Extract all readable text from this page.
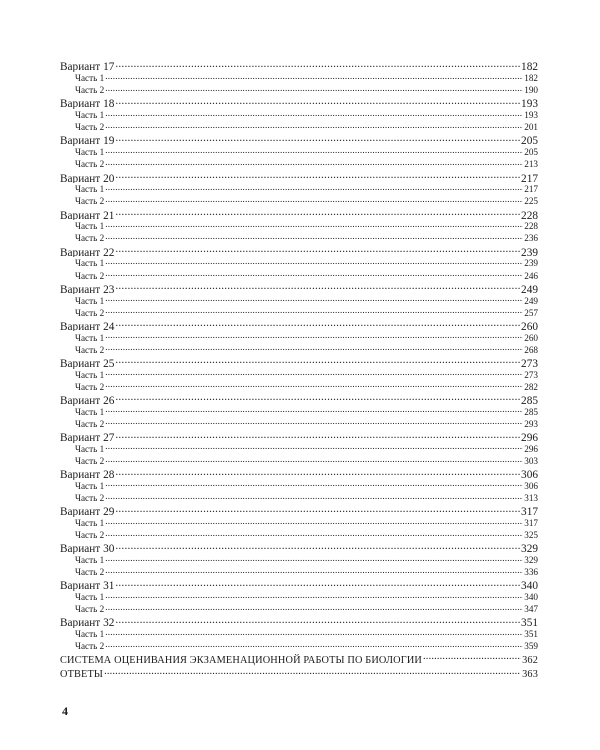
Вариант 17 .....	182
Часть 1 .....	182
Часть 2 .....	190
Вариант 18 .....	193
Часть 1 .....	193
Часть 2 .....	201
Вариант 19 .....	205
Часть 1 .....	205
Часть 2 .....	213
Вариант 20 .....	217
Часть 1 .....	217
Часть 2 .....	225
Вариант 21 .....	228
Часть 1 .....	228
Часть 2 .....	236
Вариант 22 .....	239
Часть 1 .....	239
Часть 2 .....	246
Вариант 23 .....	249
Часть 1 .....	249
Часть 2 .....	257
Вариант 24 .....	260
Часть 1 .....	260
Часть 2 .....	268
Вариант 25 .....	273
Часть 1 .....	273
Часть 2 .....	282
Вариант 26 .....	285
Часть 1 .....	285
Часть 2 .....	293
Вариант 27 .....	296
Часть 1 .....	296
Часть 2 .....	303
Вариант 28 .....	306
Часть 1 .....	306
Часть 2 .....	313
Вариант 29 .....	317
Часть 1 .....	317
Часть 2 .....	325
Вариант 30 .....	329
Часть 1 .....	329
Часть 2 .....	336
Вариант 31 .....	340
Часть 1 .....	340
Часть 2 .....	347
Вариант 32 .....	351
Часть 1 .....	351
Часть 2 .....	359
СИСТЕМА ОЦЕНИВАНИЯ ЭКЗАМЕНАЦИОННОЙ РАБОТЫ ПО БИОЛОГИИ .....	362
ОТВЕТЫ .....	363
4
